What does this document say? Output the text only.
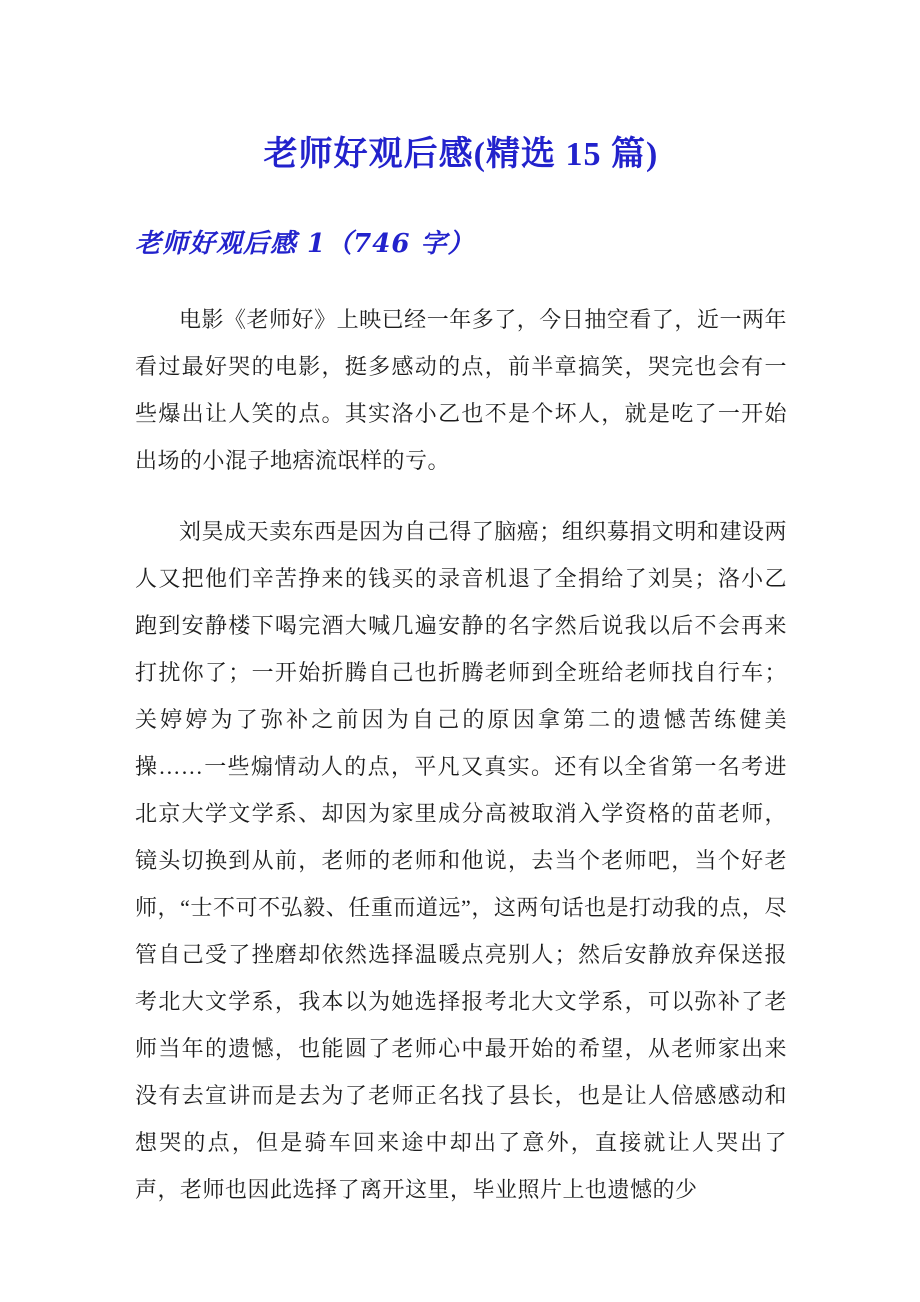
老师好观后感(精选 15 篇)
老师好观后感 1（746 字）

电影《老师好》上映已经一年多了，今日抽空看了，近一两年看过最好哭的电影，挺多感动的点，前半章搞笑，哭完也会有一些爆出让人笑的点。其实洛小乙也不是个坏人，就是吃了一开始出场的小混子地痞流氓样的亏。

刘昊成天卖东西是因为自己得了脑癌；组织募捐文明和建设两人又把他们辛苦挣来的钱买的录音机退了全捐给了刘昊；洛小乙跑到安静楼下喝完酒大喊几遍安静的名字然后说我以后不会再来打扰你了；一开始折腾自己也折腾老师到全班给老师找自行车；关婷婷为了弥补之前因为自己的原因拿第二的遗憾苦练健美操……一些煽情动人的点，平凡又真实。还有以全省第一名考进北京大学文学系、却因为家里成分高被取消入学资格的苗老师，镜头切换到从前，老师的老师和他说，去当个老师吧，当个好老师，“士不可不弘毅、任重而道远”，这两句话也是打动我的点，尽管自己受了挫磨却依然选择温暖点亮别人；然后安静放弃保送报考北大文学系，我本以为她选择报考北大文学系，可以弥补了老师当年的遗憾，也能圆了老师心中最开始的希望，从老师家出来没有去宣讲而是去为了老师正名找了县长，也是让人倍感感动和想哭的点，但是骑车回来途中却出了意外，直接就让人哭出了声，老师也因此选择了离开这里，毕业照片上也遗憾的少
